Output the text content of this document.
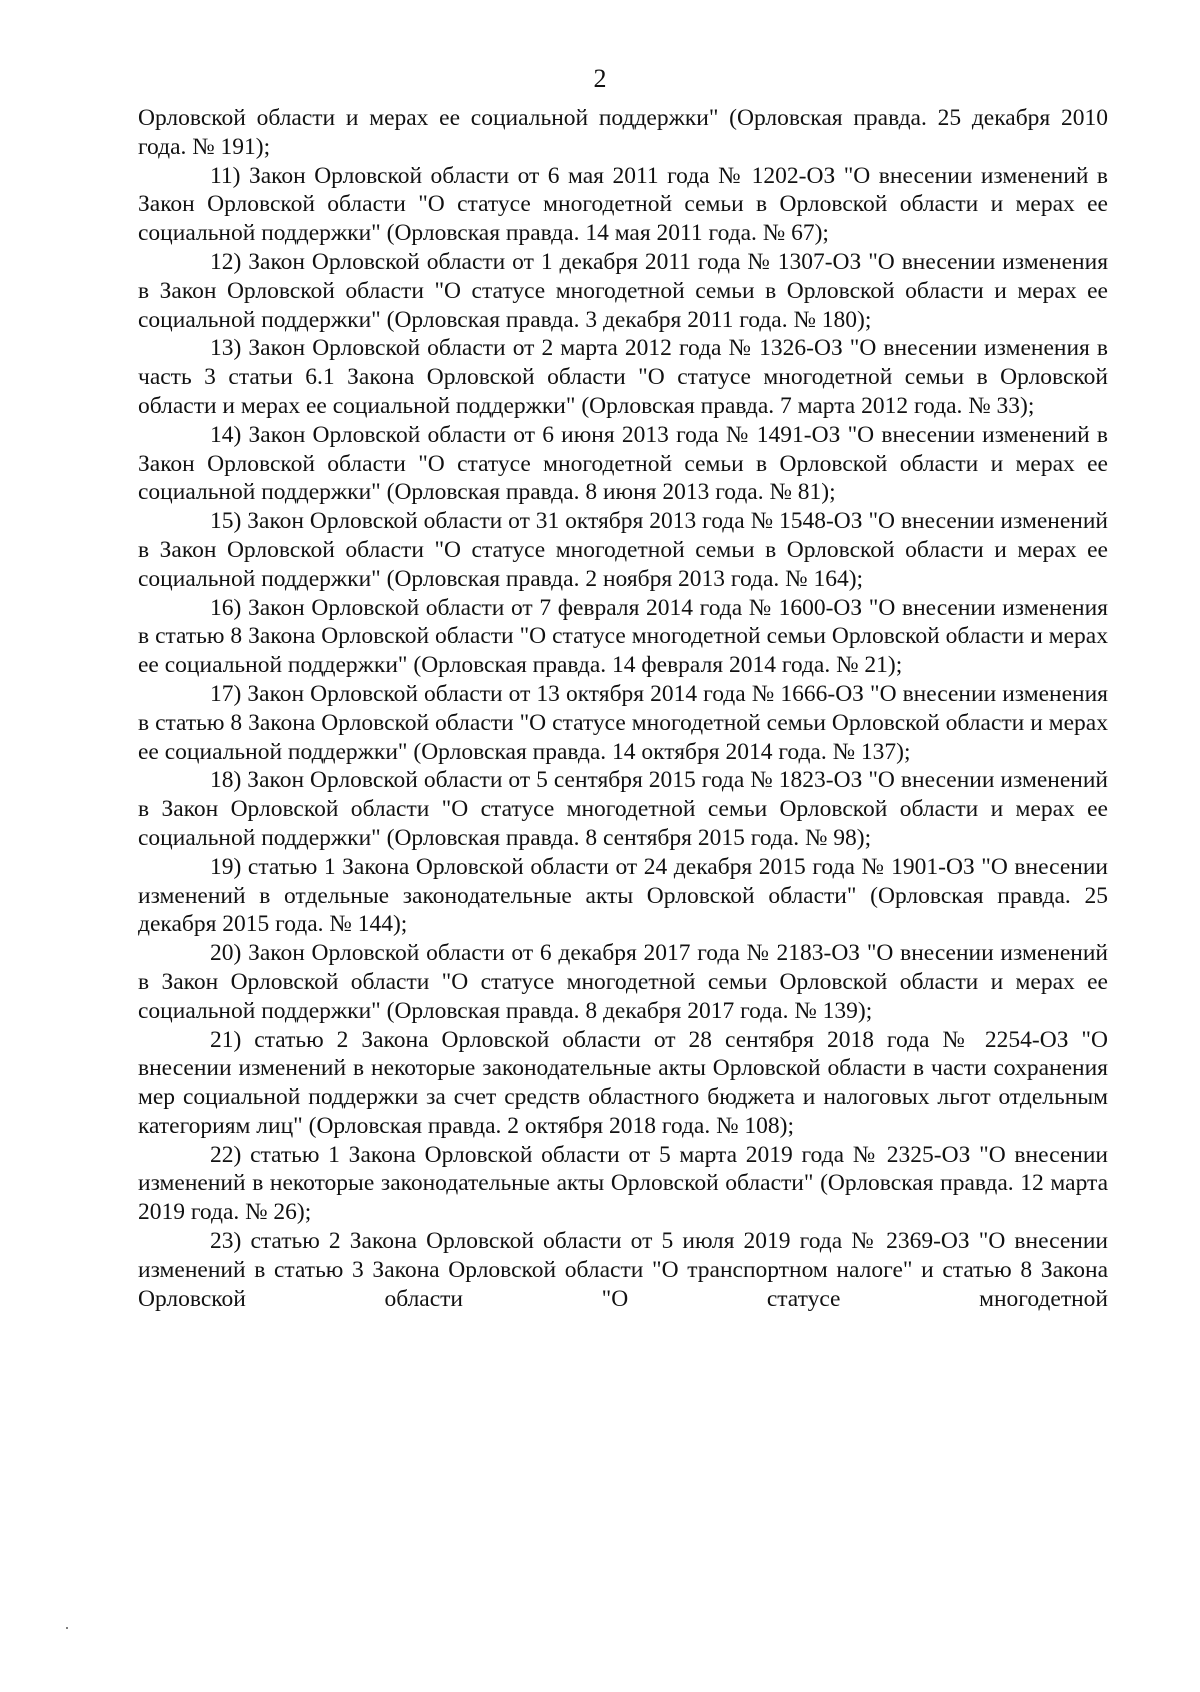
2

Орловской области и мерах ее социальной поддержки" (Орловская правда. 25 декабря 2010 года. № 191);

11) Закон Орловской области от 6 мая 2011 года № 1202-ОЗ "О внесении изменений в Закон Орловской области "О статусе многодетной семьи в Орловской области и мерах ее социальной поддержки" (Орловская правда. 14 мая 2011 года. № 67);

12) Закон Орловской области от 1 декабря 2011 года № 1307-ОЗ "О внесении изменения в Закон Орловской области "О статусе многодетной семьи в Орловской области и мерах ее социальной поддержки" (Орловская правда. 3 декабря 2011 года. № 180);

13) Закон Орловской области от 2 марта 2012 года № 1326-ОЗ "О внесении изменения в часть 3 статьи 6.1 Закона Орловской области "О статусе многодетной семьи в Орловской области и мерах ее социальной поддержки" (Орловская правда. 7 марта 2012 года. № 33);

14) Закон Орловской области от 6 июня 2013 года № 1491-ОЗ "О внесении изменений в Закон Орловской области "О статусе многодетной семьи в Орловской области и мерах ее социальной поддержки" (Орловская правда. 8 июня 2013 года. № 81);

15) Закон Орловской области от 31 октября 2013 года № 1548-ОЗ "О внесении изменений в Закон Орловской области "О статусе многодетной семьи в Орловской области и мерах ее социальной поддержки" (Орловская правда. 2 ноября 2013 года. № 164);

16) Закон Орловской области от 7 февраля 2014 года № 1600-ОЗ "О внесении изменения в статью 8 Закона Орловской области "О статусе многодетной семьи Орловской области и мерах ее социальной поддержки" (Орловская правда. 14 февраля 2014 года. № 21);

17) Закон Орловской области от 13 октября 2014 года № 1666-ОЗ "О внесении изменения в статью 8 Закона Орловской области "О статусе многодетной семьи Орловской области и мерах ее социальной поддержки" (Орловская правда. 14 октября 2014 года. № 137);

18) Закон Орловской области от 5 сентября 2015 года № 1823-ОЗ "О внесении изменений в Закон Орловской области "О статусе многодетной семьи Орловской области и мерах ее социальной поддержки" (Орловская правда. 8 сентября 2015 года. № 98);

19) статью 1 Закона Орловской области от 24 декабря 2015 года № 1901-ОЗ "О внесении изменений в отдельные законодательные акты Орловской области" (Орловская правда. 25 декабря 2015 года. № 144);

20) Закон Орловской области от 6 декабря 2017 года № 2183-ОЗ "О внесении изменений в Закон Орловской области "О статусе многодетной семьи Орловской области и мерах ее социальной поддержки" (Орловская правда. 8 декабря 2017 года. № 139);

21) статью 2 Закона Орловской области от 28 сентября 2018 года № 2254-ОЗ "О внесении изменений в некоторые законодательные акты Орловской области в части сохранения мер социальной поддержки за счет средств областного бюджета и налоговых льгот отдельным категориям лиц" (Орловская правда. 2 октября 2018 года. № 108);

22) статью 1 Закона Орловской области от 5 марта 2019 года № 2325-ОЗ "О внесении изменений в некоторые законодательные акты Орловской области" (Орловская правда. 12 марта 2019 года. № 26);

23) статью 2 Закона Орловской области от 5 июля 2019 года № 2369-ОЗ "О внесении изменений в статью 3 Закона Орловской области "О транспортном налоге" и статью 8 Закона Орловской области "О статусе многодетной
